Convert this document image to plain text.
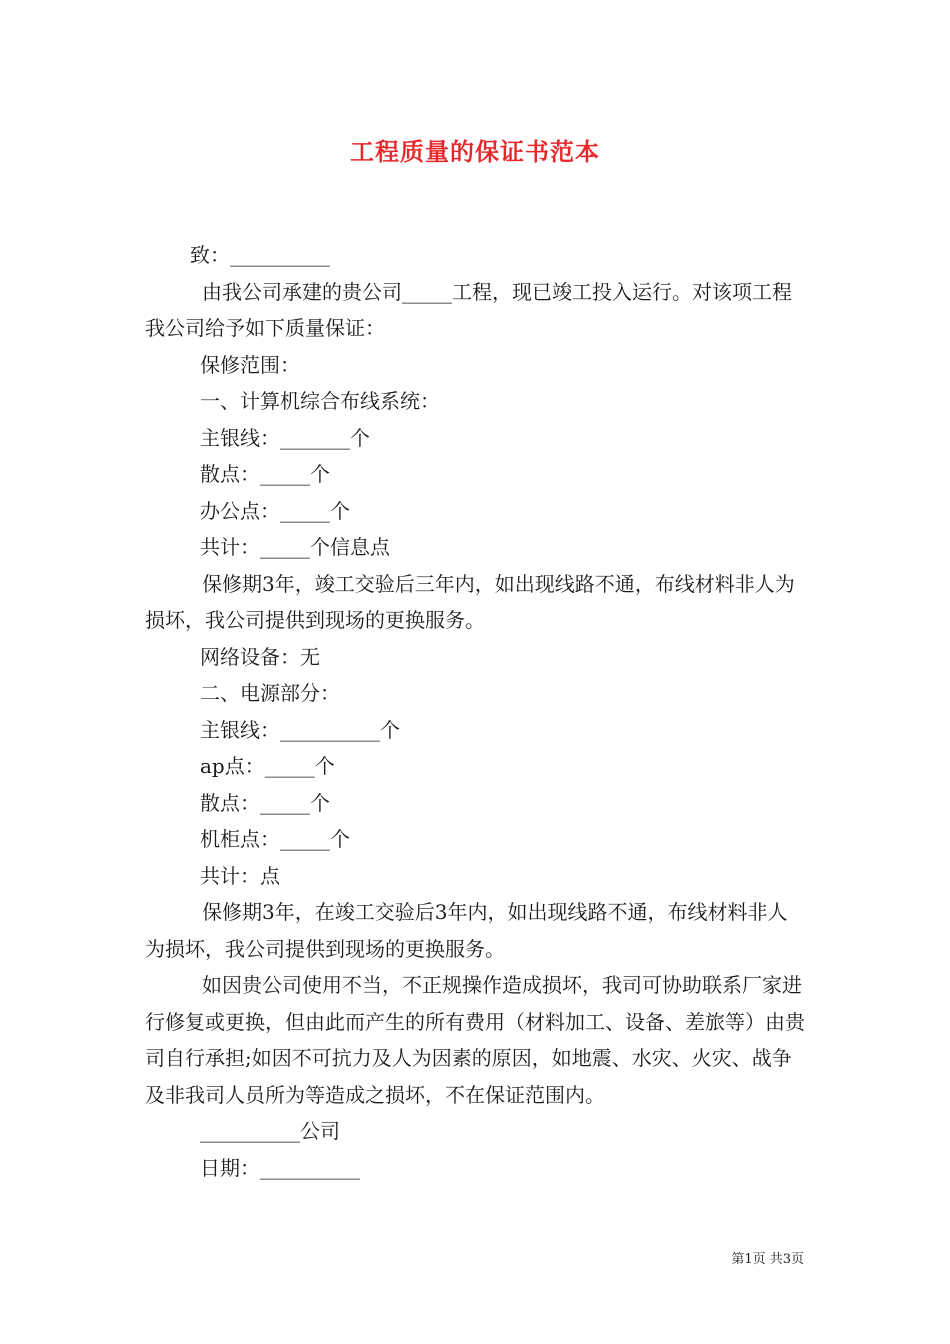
工程质量的保证书范本

致：__________

由我公司承建的贵公司_____工程，现已竣工投入运行。对该项工程我公司给予如下质量保证：

保修范围：

一、计算机综合布线系统：

主银线：_______个

散点：_____个

办公点：_____个

共计：_____个信息点

保修期3年，竣工交验后三年内，如出现线路不通，布线材料非人为损坏，我公司提供到现场的更换服务。

网络设备：无

二、电源部分：

主银线：__________个

ap点：_____个

散点：_____个

机柜点：_____个

共计：点

保修期3年，在竣工交验后3年内，如出现线路不通，布线材料非人为损坏，我公司提供到现场的更换服务。

如因贵公司使用不当，不正规操作造成损坏，我司可协助联系厂家进行修复或更换，但由此而产生的所有费用（材料加工、设备、差旅等）由贵司自行承担;如因不可抗力及人为因素的原因，如地震、水灾、火灾、战争及非我司人员所为等造成之损坏，不在保证范围内。

__________公司

日期：__________

第1页 共3页
